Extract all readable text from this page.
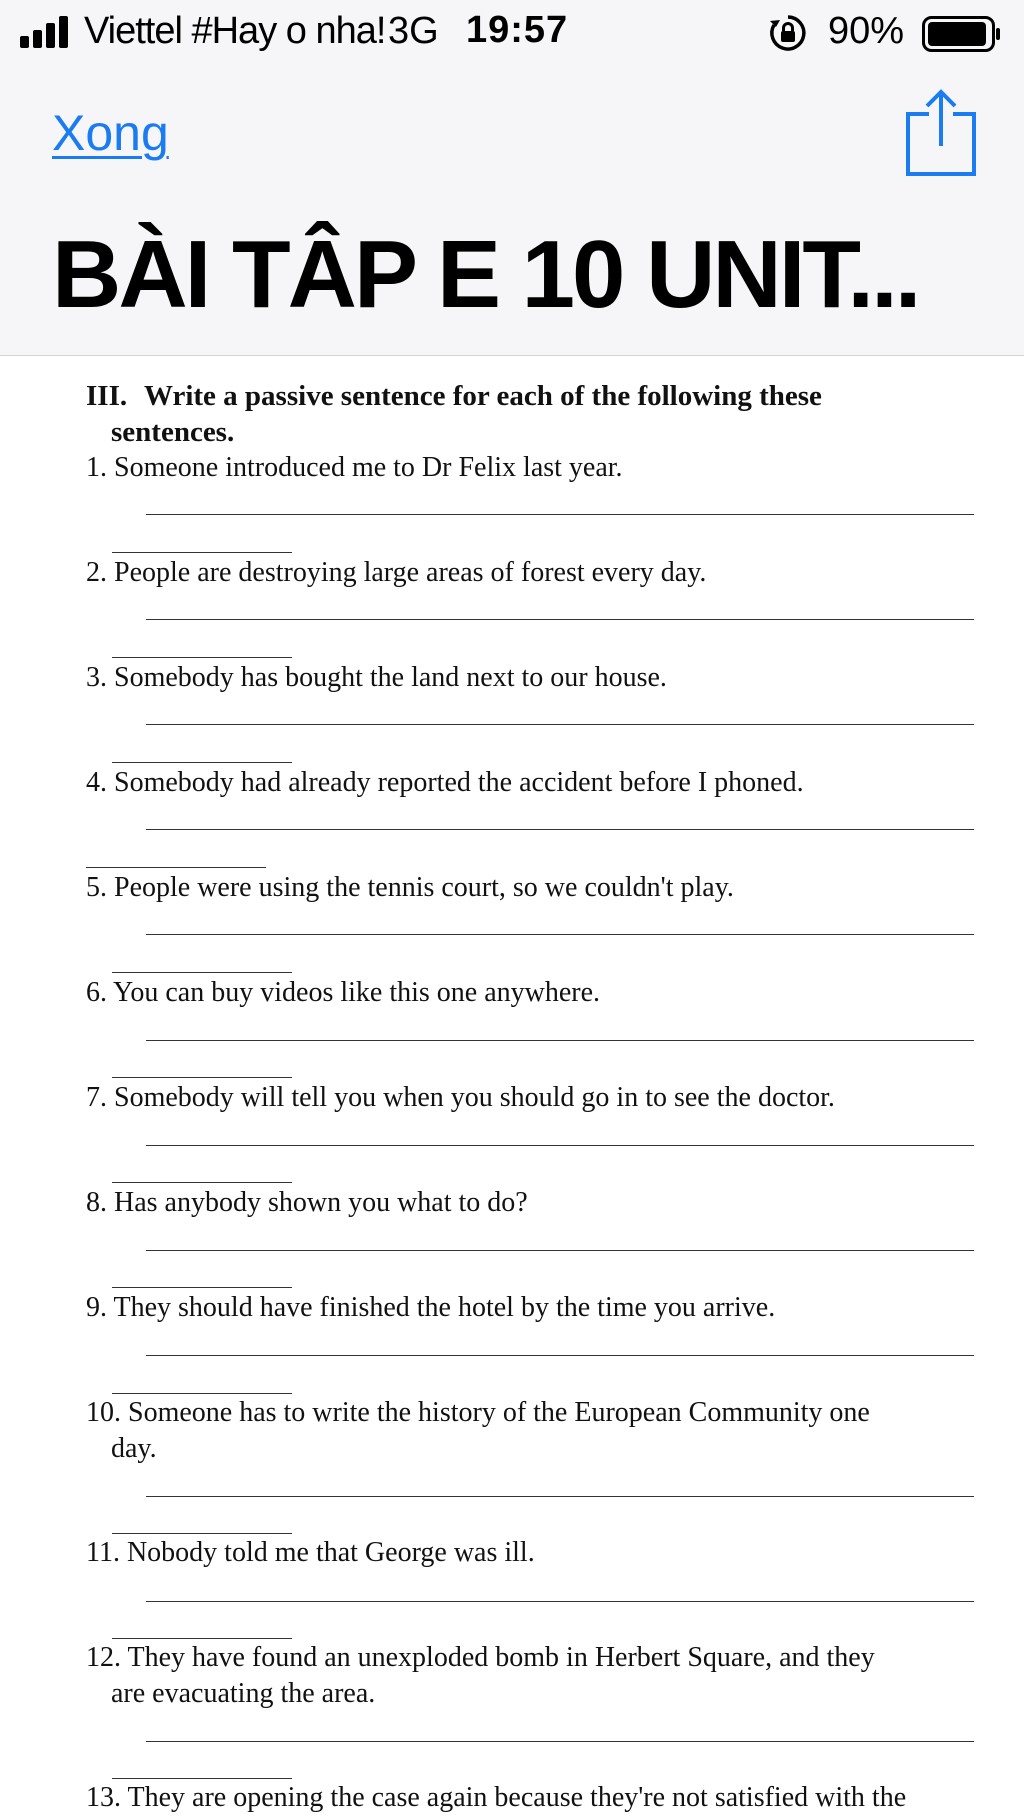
Viettel #Hay o nha! 3G 19:57	90%
Xong
BÀI TÂP E 10 UNIT...
III. Write a passive sentence for each of the following these
sentences.
1. Someone introduced me to Dr Felix last year.
2. People are destroying large areas of forest every day.
3. Somebody has bought the land next to our house.
4. Somebody had already reported the accident before I phoned.
5. People were using the tennis court, so we couldn't play.
6. You can buy videos like this one anywhere.
7. Somebody will tell you when you should go in to see the doctor.
8. Has anybody shown you what to do?
9. They should have finished the hotel by the time you arrive.
10. Someone has to write the history of the European Community one
day.
11. Nobody told me that George was ill.
12. They have found an unexploded bomb in Herbert Square, and they
are evacuating the area.
13. They are opening the case again because they're not satisfied with the
